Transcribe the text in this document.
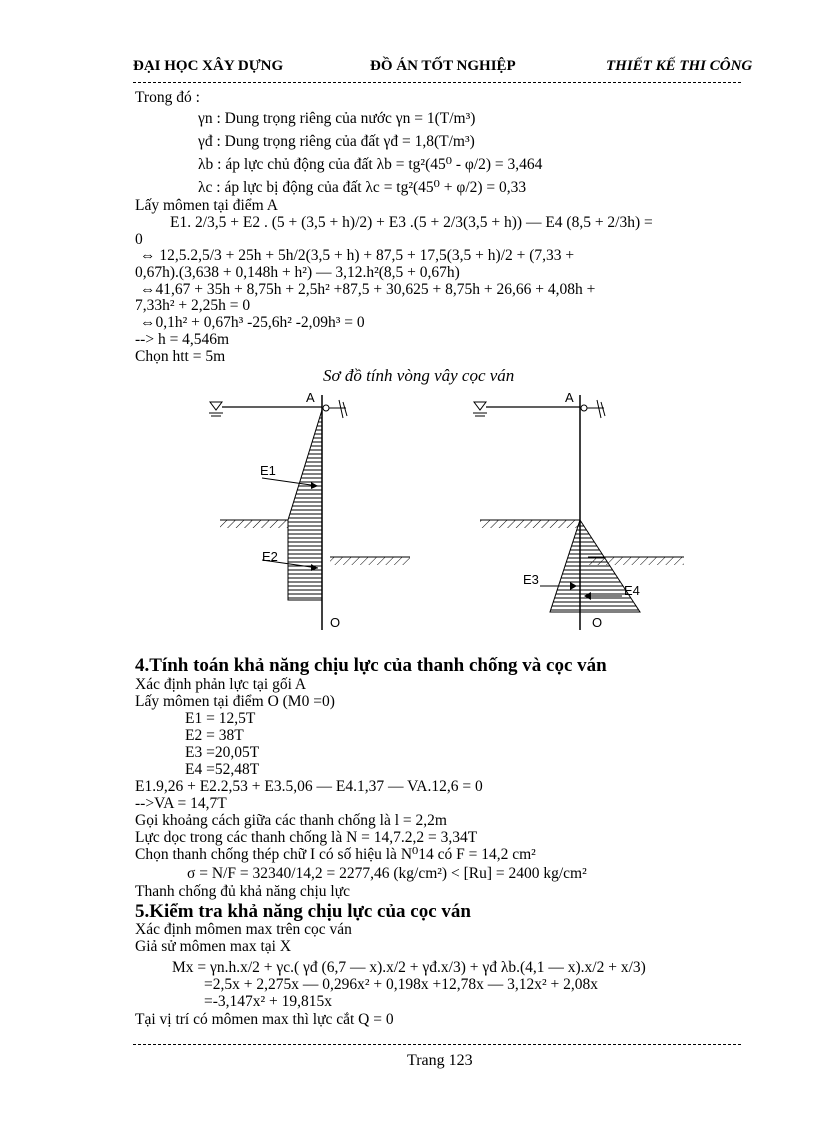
ĐẠI HỌC XÂY DỰNG	ĐỒ ÁN TỐT NGHIỆP	THIẾT KẾ THI CÔNG
Trong đó :
γn : Dung trọng riêng của nước γn = 1(T/m³)
γđ : Dung trọng riêng của đất γđ = 1,8(T/m³)
λb : áp lực chủ động của đất λb = tg²(45⁰ - φ/2) = 3,464
λc : áp lực bị động của đất λc = tg²(45⁰ + φ/2) = 0,33
Lấy mômen tại điểm A
E1. 2/3,5 + E2 . (5 + (3,5 + h)/2) + E3 .(5 + 2/3(3,5 + h)) — E4 (8,5 + 2/3h) =
0
⇔ 12,5.2,5/3 + 25h + 5h/2(3,5 + h) + 87,5 + 17,5(3,5 + h)/2 + (7,33 +
0,67h).(3,638 + 0,148h + h²) — 3,12.h²(8,5 + 0,67h)
⇔41,67 + 35h + 8,75h + 2,5h² +87,5 + 30,625 + 8,75h + 26,66 + 4,08h +
7,33h² + 2,25h = 0
⇔0,1h² + 0,67h³ -25,6h² -2,09h³ = 0
--> h = 4,546m
Chọn htt = 5m
Sơ đồ tính vòng vây cọc ván
A
E1
E2
O
A
E3
E4
O
4.Tính toán khả năng chịu lực của thanh chống và cọc ván
Xác định phản lực tại gối A
Lấy mômen tại điểm O (M0 =0)
E1 = 12,5T
E2 = 38T
E3 =20,05T
E4 =52,48T
E1.9,26 + E2.2,53 + E3.5,06 — E4.1,37 — VA.12,6 = 0
-->VA = 14,7T
Gọi khoảng cách giữa các thanh chống là l = 2,2m
Lực dọc trong các thanh chống là N = 14,7.2,2 = 3,34T
Chọn thanh chống thép chữ I có số hiệu là N⁰14 có F = 14,2 cm²
σ = N/F = 32340/14,2 = 2277,46 (kg/cm²) < [Ru] = 2400 kg/cm²
Thanh chống đủ khả năng chịu lực
5.Kiểm tra khả năng chịu lực của cọc ván
Xác định mômen max trên cọc ván
Giả sử mômen max tại X
Mx = γn.h.x/2 + γc.( γđ (6,7 — x).x/2 + γđ.x/3) + γđ λb.(4,1 — x).x/2 + x/3)
=2,5x + 2,275x — 0,296x² + 0,198x +12,78x — 3,12x² + 2,08x
=-3,147x² + 19,815x
Tại vị trí có mômen max thì lực cắt Q = 0
Trang 123
